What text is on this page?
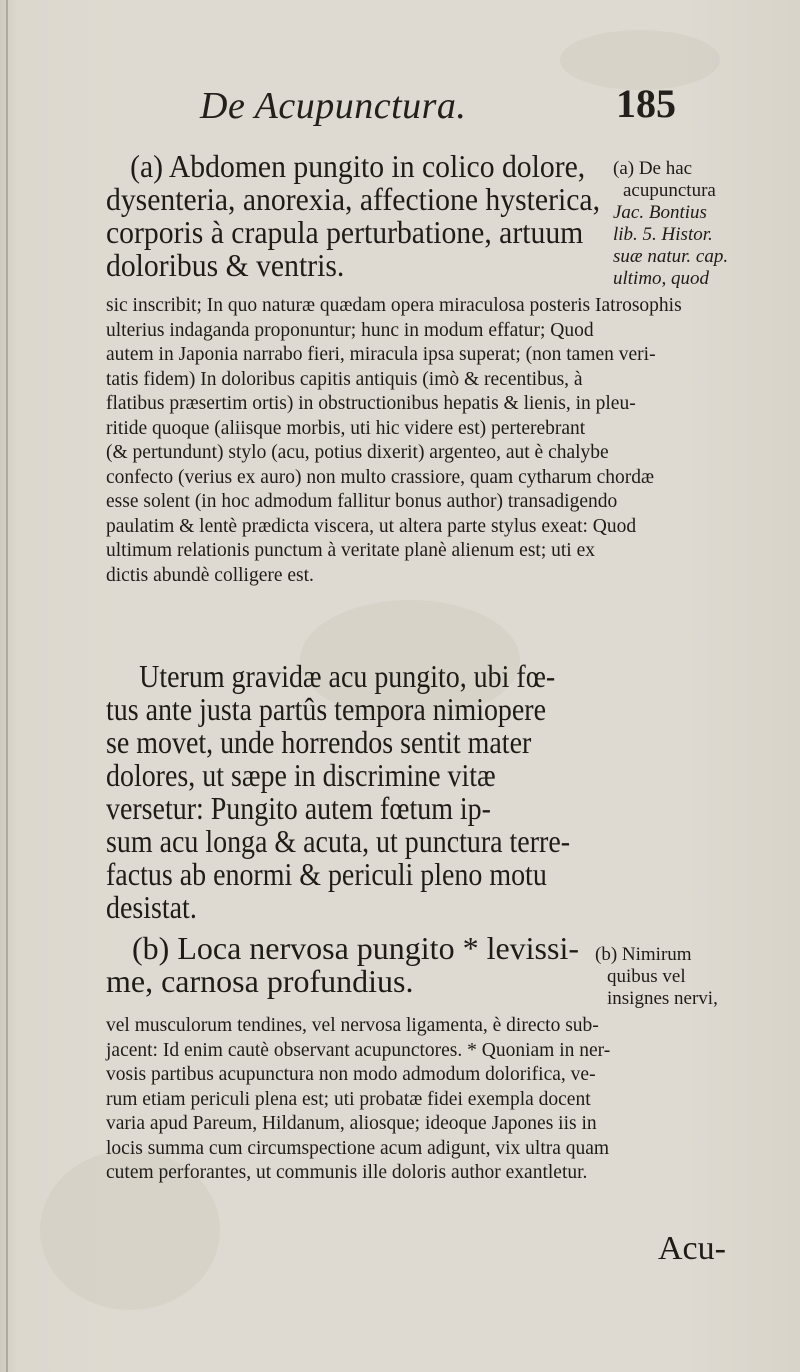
De Acupunctura.	185
(a) Abdomen pungito in colico dolore,
dysenteria, anorexia, affectione hysterica,
corporis à crapula perturbatione, artuum
doloribus & ventris.
(a) De hac
acupunctura
Jac. Bontius
lib. 5. Histor.
suæ natur. cap.
ultimo, quod
sic inscribit; In quo naturæ quædam opera miraculosa posteris Iatrosophis
ulterius indaganda proponuntur; hunc in modum effatur; Quod
autem in Japonia narrabo fieri, miracula ipsa superat; (non tamen veri-
tatis fidem) In doloribus capitis antiquis (imò & recentibus, à
flatibus præsertim ortis) in obstructionibus hepatis & lienis, in pleu-
ritide quoque (aliisque morbis, uti hic videre est) perterebrant
(& pertundunt) stylo (acu, potius dixerit) argenteo, aut è chalybe
confecto (verius ex auro) non multo crassiore, quam cytharum chordæ
esse solent (in hoc admodum fallitur bonus author) transadigendo
paulatim & lentè prædicta viscera, ut altera parte stylus exeat: Quod
ultimum relationis punctum à veritate planè alienum est; uti ex
dictis abundè colligere est.
Uterum gravidæ acu pungito, ubi fœ-
tus ante justa partûs tempora nimiopere
se movet, unde horrendos sentit mater
dolores, ut sæpe in discrimine vitæ
versetur: Pungito autem fœtum ip-
sum acu longa & acuta, ut punctura terre-
factus ab enormi & periculi pleno motu
desistat.
(b) Loca nervosa pungito * levissi-
me, carnosa profundius.
(b) Nimirum
quibus vel
insignes nervi,
vel musculorum tendines, vel nervosa ligamenta, è directo sub-
jacent: Id enim cautè observant acupunctores. * Quoniam in ner-
vosis partibus acupunctura non modo admodum dolorifica, ve-
rum etiam periculi plena est; uti probatæ fidei exempla docent
varia apud Pareum, Hildanum, aliosque; ideoque Japones iis in
locis summa cum circumspectione acum adigunt, vix ultra quam
cutem perforantes, ut communis ille doloris author exantletur.
Acu-
